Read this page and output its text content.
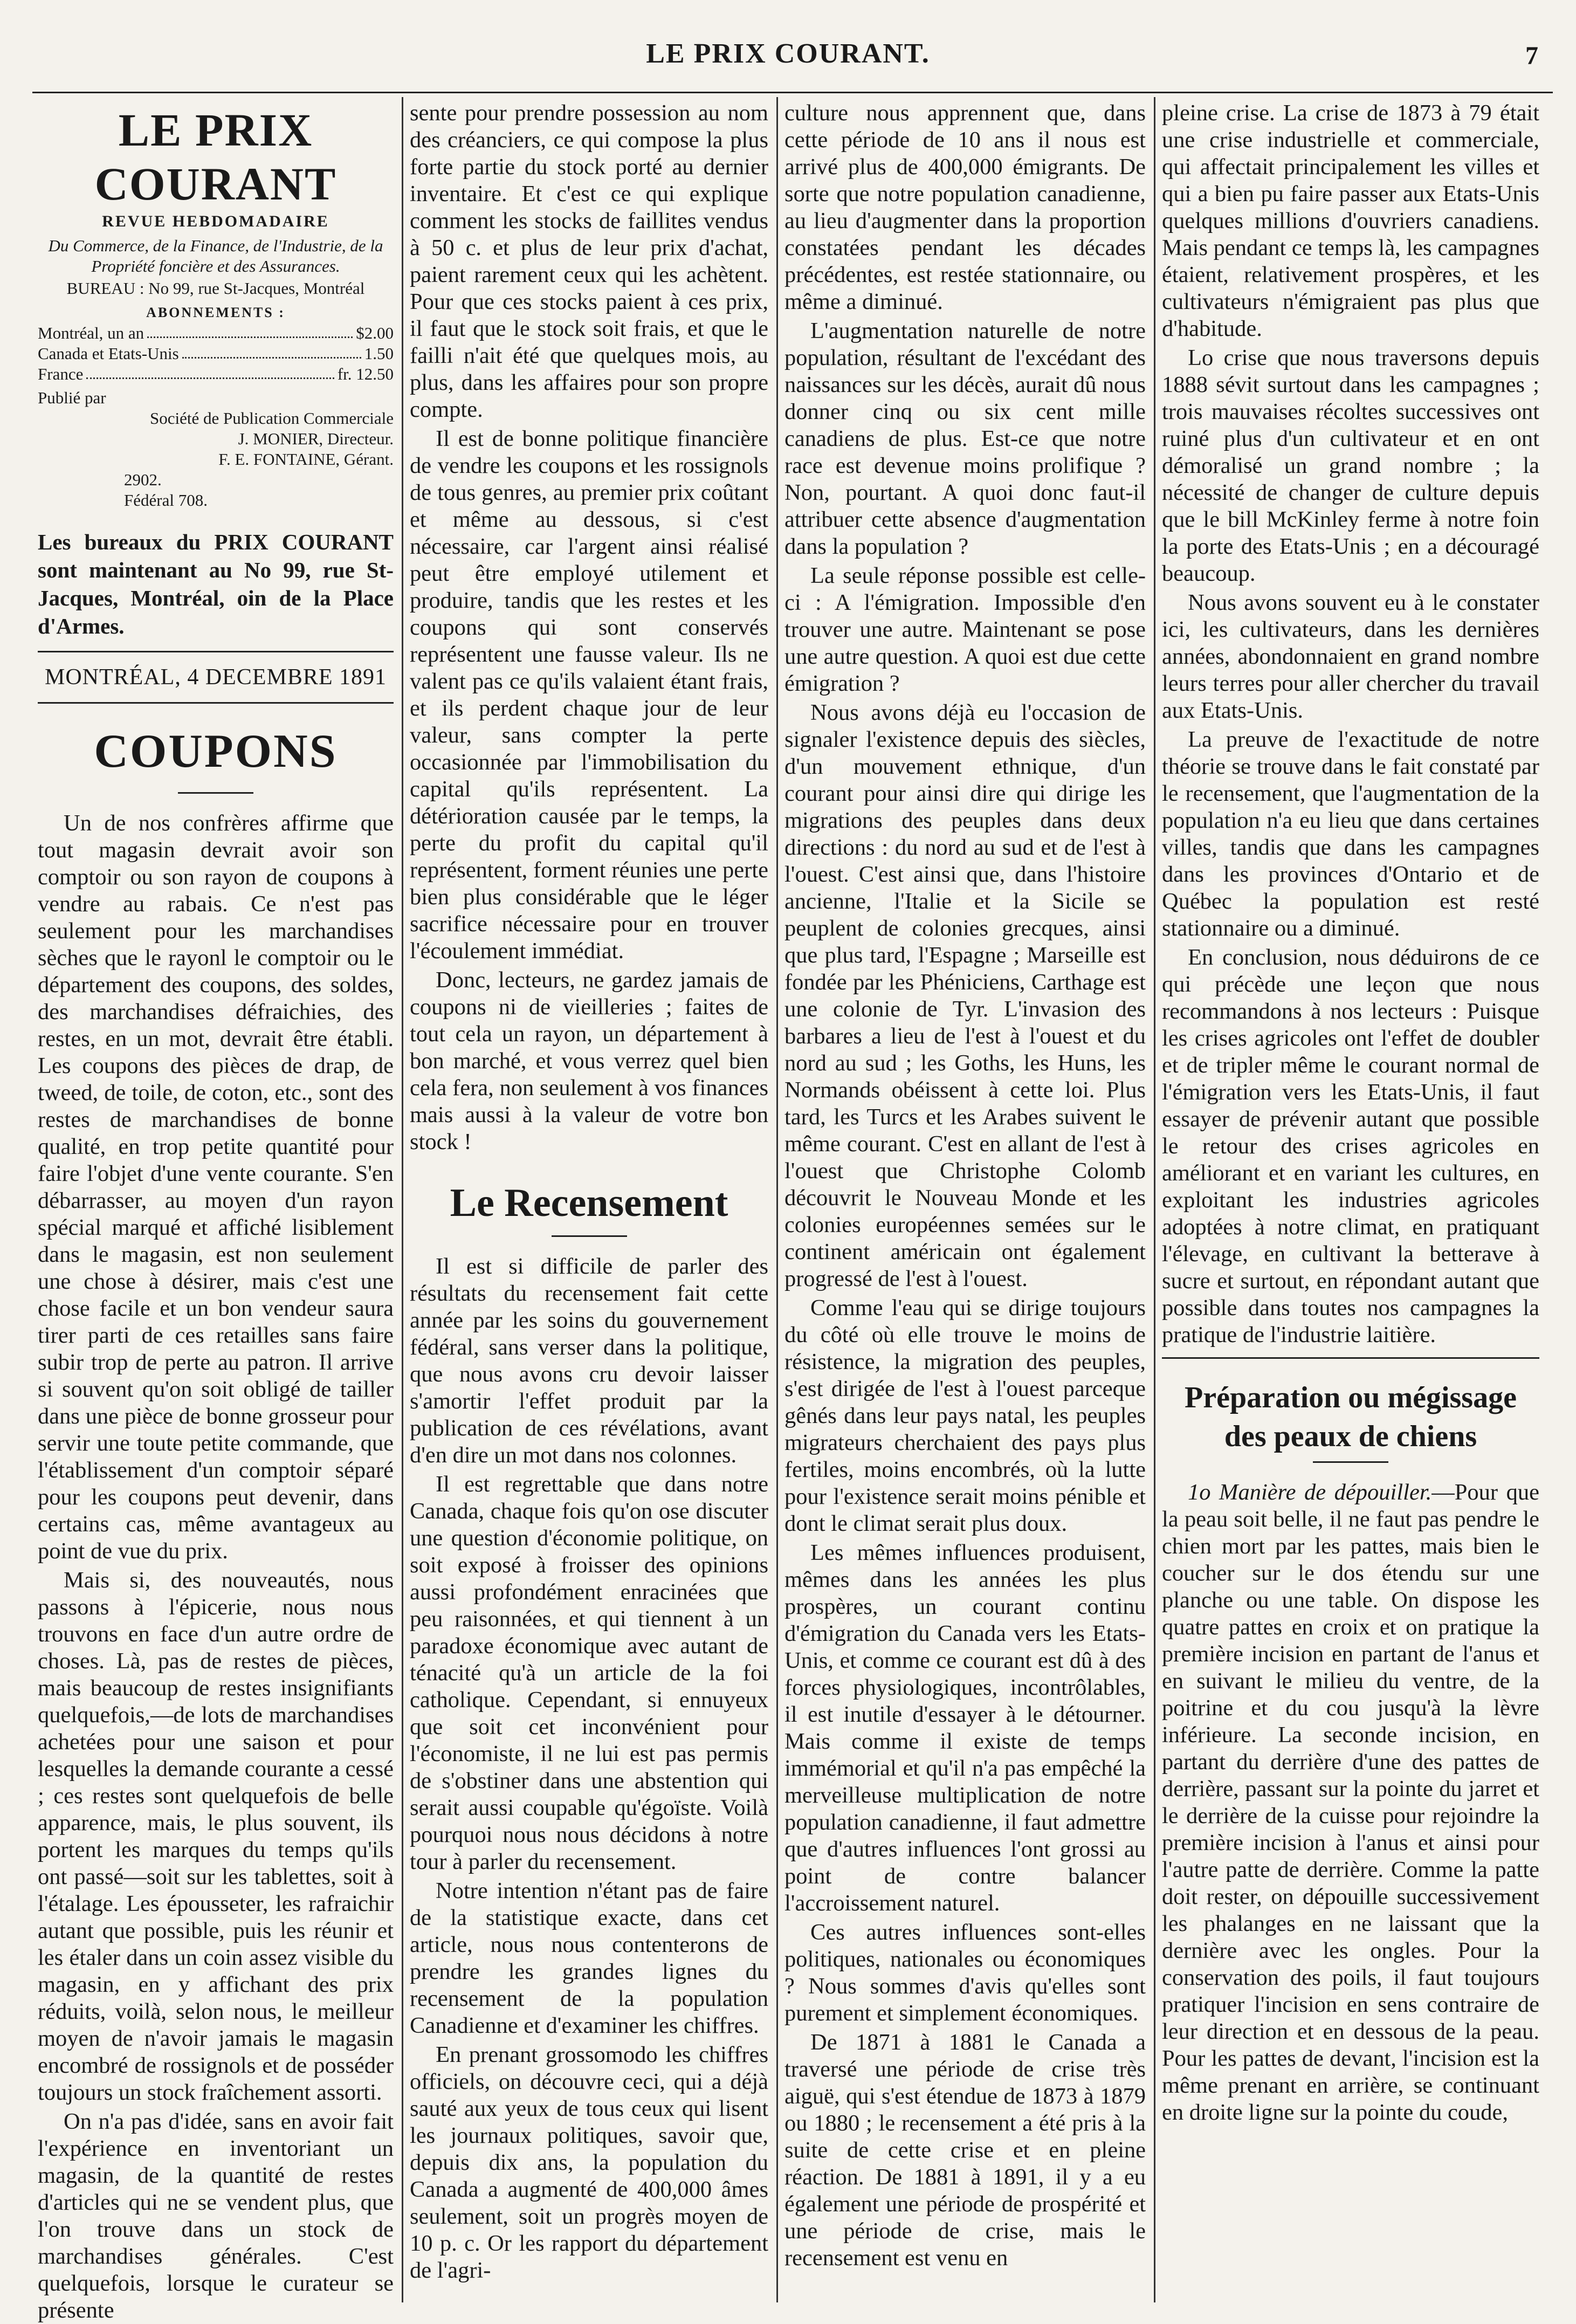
LE PRIX COURANT.	7
LE PRIX COURANT
REVUE HEBDOMADAIRE
Du Commerce, de la Finance, de l'Industrie, de la Propriété foncière et des Assurances.
BUREAU : No 99, rue St-Jacques, Montréal
ABONNEMENTS :
Montréal, un an	$2.00
Canada et Etats-Unis	1.50
France	fr. 12.50
Publié par
Société de Publication Commerciale
J. MONIER, Directeur.
F. E. FONTAINE, Gérant.
2902.
Fédéral 708.
Les bureaux du PRIX COURANT sont maintenant au No 99, rue St-Jacques, Montréal, oin de la Place d'Armes.
MONTRÉAL, 4 DECEMBRE 1891
COUPONS

Un de nos confrères affirme que tout magasin devrait avoir son comptoir ou son rayon de coupons à vendre au rabais. Ce n'est pas seulement pour les marchandises sèches que le rayonl le comptoir ou le département des coupons, des soldes, des marchandises défraichies, des restes, en un mot, devrait être établi. Les coupons des pièces de drap, de tweed, de toile, de coton, etc., sont des restes de marchandises de bonne qualité, en trop petite quantité pour faire l'objet d'une vente courante. S'en débarrasser, au moyen d'un rayon spécial marqué et affiché lisiblement dans le magasin, est non seulement une chose à désirer, mais c'est une chose facile et un bon vendeur saura tirer parti de ces retailles sans faire subir trop de perte au patron. Il arrive si souvent qu'on soit obligé de tailler dans une pièce de bonne grosseur pour servir une toute petite commande, que l'établissement d'un comptoir séparé pour les coupons peut devenir, dans certains cas, même avantageux au point de vue du prix.

Mais si, des nouveautés, nous passons à l'épicerie, nous nous trouvons en face d'un autre ordre de choses. Là, pas de restes de pièces, mais beaucoup de restes insignifiants quelquefois,—de lots de marchandises achetées pour une saison et pour lesquelles la demande courante a cessé ; ces restes sont quelquefois de belle apparence, mais, le plus souvent, ils portent les marques du temps qu'ils ont passé—soit sur les tablettes, soit à l'étalage. Les épousseter, les rafraichir autant que possible, puis les réunir et les étaler dans un coin assez visible du magasin, en y affichant des prix réduits, voilà, selon nous, le meilleur moyen de n'avoir jamais le magasin encombré de rossignols et de posséder toujours un stock fraîchement assorti.

On n'a pas d'idée, sans en avoir fait l'expérience en inventoriant un magasin, de la quantité de restes d'articles qui ne se vendent plus, que l'on trouve dans un stock de marchandises générales. C'est quelquefois, lorsque le curateur se présente

sente pour prendre possession au nom des créanciers, ce qui compose la plus forte partie du stock porté au dernier inventaire. Et c'est ce qui explique comment les stocks de faillites vendus à 50 c. et plus de leur prix d'achat, paient rarement ceux qui les achètent. Pour que ces stocks paient à ces prix, il faut que le stock soit frais, et que le failli n'ait été que quelques mois, au plus, dans les affaires pour son propre compte.

Il est de bonne politique financière de vendre les coupons et les rossignols de tous genres, au premier prix coûtant et même au dessous, si c'est nécessaire, car l'argent ainsi réalisé peut être employé utilement et produire, tandis que les restes et les coupons qui sont conservés représentent une fausse valeur. Ils ne valent pas ce qu'ils valaient étant frais, et ils perdent chaque jour de leur valeur, sans compter la perte occasionnée par l'immobilisation du capital qu'ils représentent. La détérioration causée par le temps, la perte du profit du capital qu'il représentent, forment réunies une perte bien plus considérable que le léger sacrifice nécessaire pour en trouver l'écoulement immédiat.

Donc, lecteurs, ne gardez jamais de coupons ni de vieilleries ; faites de tout cela un rayon, un département à bon marché, et vous verrez quel bien cela fera, non seulement à vos finances mais aussi à la valeur de votre bon stock !

Le Recensement

Il est si difficile de parler des résultats du recensement fait cette année par les soins du gouvernement fédéral, sans verser dans la politique, que nous avons cru devoir laisser s'amortir l'effet produit par la publication de ces révélations, avant d'en dire un mot dans nos colonnes.

Il est regrettable que dans notre Canada, chaque fois qu'on ose discuter une question d'économie politique, on soit exposé à froisser des opinions aussi profondément enracinées que peu raisonnées, et qui tiennent à un paradoxe économique avec autant de ténacité qu'à un article de la foi catholique. Cependant, si ennuyeux que soit cet inconvénient pour l'économiste, il ne lui est pas permis de s'obstiner dans une abstention qui serait aussi coupable qu'égoïste. Voilà pourquoi nous nous décidons à notre tour à parler du recensement.

Notre intention n'étant pas de faire de la statistique exacte, dans cet article, nous nous contenterons de prendre les grandes lignes du recensement de la population Canadienne et d'examiner les chiffres.

En prenant grossomodo les chiffres officiels, on découvre ceci, qui a déjà sauté aux yeux de tous ceux qui lisent les journaux politiques, savoir que, depuis dix ans, la population du Canada a augmenté de 400,000 âmes seulement, soit un progrès moyen de 10 p. c. Or les rapport du département de l'agri-

culture nous apprennent que, dans cette période de 10 ans il nous est arrivé plus de 400,000 émigrants. De sorte que notre population canadienne, au lieu d'augmenter dans la proportion constatées pendant les décades précédentes, est restée stationnaire, ou même a diminué.

L'augmentation naturelle de notre population, résultant de l'excédant des naissances sur les décès, aurait dû nous donner cinq ou six cent mille canadiens de plus. Est-ce que notre race est devenue moins prolifique ? Non, pourtant. A quoi donc faut-il attribuer cette absence d'augmentation dans la population ?

La seule réponse possible est celle-ci : A l'émigration. Impossible d'en trouver une autre. Maintenant se pose une autre question. A quoi est due cette émigration ?

Nous avons déjà eu l'occasion de signaler l'existence depuis des siècles, d'un mouvement ethnique, d'un courant pour ainsi dire qui dirige les migrations des peuples dans deux directions : du nord au sud et de l'est à l'ouest. C'est ainsi que, dans l'histoire ancienne, l'Italie et la Sicile se peuplent de colonies grecques, ainsi que plus tard, l'Espagne ; Marseille est fondée par les Phéniciens, Carthage est une colonie de Tyr. L'invasion des barbares a lieu de l'est à l'ouest et du nord au sud ; les Goths, les Huns, les Normands obéissent à cette loi. Plus tard, les Turcs et les Arabes suivent le même courant. C'est en allant de l'est à l'ouest que Christophe Colomb découvrit le Nouveau Monde et les colonies européennes semées sur le continent américain ont également progressé de l'est à l'ouest.

Comme l'eau qui se dirige toujours du côté où elle trouve le moins de résistence, la migration des peuples, s'est dirigée de l'est à l'ouest parceque gênés dans leur pays natal, les peuples migrateurs cherchaient des pays plus fertiles, moins encombrés, où la lutte pour l'existence serait moins pénible et dont le climat serait plus doux.

Les mêmes influences produisent, mêmes dans les années les plus prospères, un courant continu d'émigration du Canada vers les Etats-Unis, et comme ce courant est dû à des forces physiologiques, incontrôlables, il est inutile d'essayer à le détourner. Mais comme il existe de temps immémorial et qu'il n'a pas empêché la merveilleuse multiplication de notre population canadienne, il faut admettre que d'autres influences l'ont grossi au point de contre balancer l'accroissement naturel.

Ces autres influences sont-elles politiques, nationales ou économiques ? Nous sommes d'avis qu'elles sont purement et simplement économiques.

De 1871 à 1881 le Canada a traversé une période de crise très aiguë, qui s'est étendue de 1873 à 1879 ou 1880 ; le recensement a été pris à la suite de cette crise et en pleine réaction. De 1881 à 1891, il y a eu également une période de prospérité et une période de crise, mais le recensement est venu en

pleine crise. La crise de 1873 à 79 était une crise industrielle et commerciale, qui affectait principalement les villes et qui a bien pu faire passer aux Etats-Unis quelques millions d'ouvriers canadiens. Mais pendant ce temps là, les campagnes étaient, relativement prospères, et les cultivateurs n'émigraient pas plus que d'habitude.

Lo crise que nous traversons depuis 1888 sévit surtout dans les campagnes ; trois mauvaises récoltes successives ont ruiné plus d'un cultivateur et en ont démoralisé un grand nombre ; la nécessité de changer de culture depuis que le bill McKinley ferme à notre foin la porte des Etats-Unis ; en a découragé beaucoup.

Nous avons souvent eu à le constater ici, les cultivateurs, dans les dernières années, abondonnaient en grand nombre leurs terres pour aller chercher du travail aux Etats-Unis.

La preuve de l'exactitude de notre théorie se trouve dans le fait constaté par le recensement, que l'augmentation de la population n'a eu lieu que dans certaines villes, tandis que dans les campagnes dans les provinces d'Ontario et de Québec la population est resté stationnaire ou a diminué.

En conclusion, nous déduirons de ce qui précède une leçon que nous recommandons à nos lecteurs : Puisque les crises agricoles ont l'effet de doubler et de tripler même le courant normal de l'émigration vers les Etats-Unis, il faut essayer de prévenir autant que possible le retour des crises agricoles en améliorant et en variant les cultures, en exploitant les industries agricoles adoptées à notre climat, en pratiquant l'élevage, en cultivant la betterave à sucre et surtout, en répondant autant que possible dans toutes nos campagnes la pratique de l'industrie laitière.

Préparation ou mégissage des peaux de chiens

1o Manière de dépouiller.—Pour que la peau soit belle, il ne faut pas pendre le chien mort par les pattes, mais bien le coucher sur le dos étendu sur une planche ou une table. On dispose les quatre pattes en croix et on pratique la première incision en partant de l'anus et en suivant le milieu du ventre, de la poitrine et du cou jusqu'à la lèvre inférieure. La seconde incision, en partant du derrière d'une des pattes de derrière, passant sur la pointe du jarret et le derrière de la cuisse pour rejoindre la première incision à l'anus et ainsi pour l'autre patte de derrière. Comme la patte doit rester, on dépouille successivement les phalanges en ne laissant que la dernière avec les ongles. Pour la conservation des poils, il faut toujours pratiquer l'incision en sens contraire de leur direction et en dessous de la peau. Pour les pattes de devant, l'incision est la même prenant en arrière, se continuant en droite ligne sur la pointe du coude,
